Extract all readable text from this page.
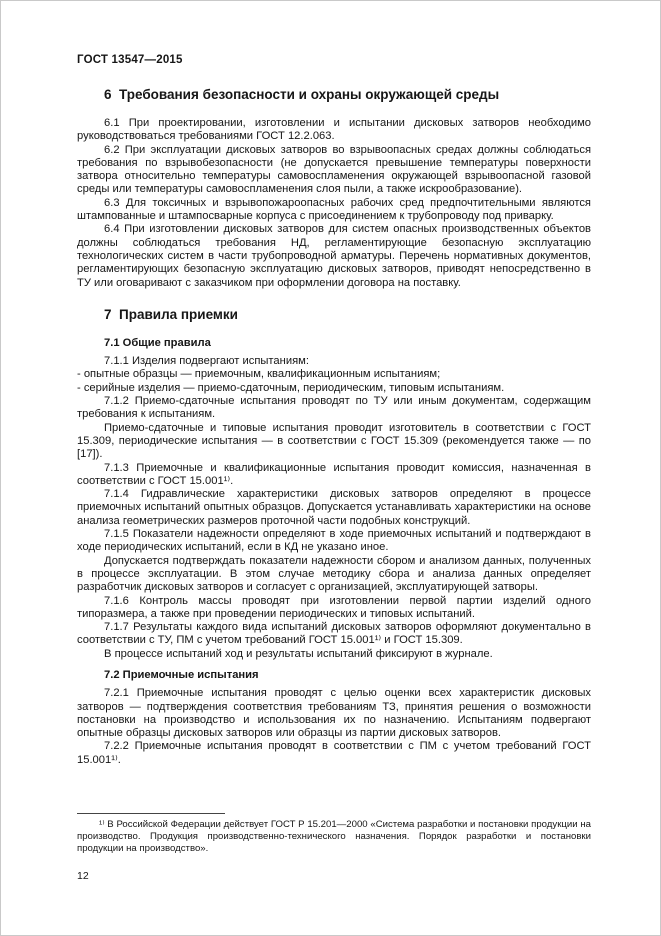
ГОСТ 13547—2015
6  Требования безопасности и охраны окружающей среды

6.1 При проектировании, изготовлении и испытании дисковых затворов необходимо руководствоваться требованиями ГОСТ 12.2.063.

6.2 При эксплуатации дисковых затворов во взрывоопасных средах должны соблюдаться требования по взрывобезопасности (не допускается превышение температуры поверхности затвора относительно температуры самовоспламенения окружающей взрывоопасной газовой среды или температуры самовоспламенения слоя пыли, а также искрообразование).

6.3 Для токсичных и взрывопожароопасных рабочих сред предпочтительными являются штампованные и штампосварные корпуса с присоединением к трубопроводу под приварку.

6.4 При изготовлении дисковых затворов для систем опасных производственных объектов должны соблюдаться требования НД, регламентирующие безопасную эксплуатацию технологических систем в части трубопроводной арматуры. Перечень нормативных документов, регламентирующих безопасную эксплуатацию дисковых затворов, приводят непосредственно в ТУ или оговаривают с заказчиком при оформлении договора на поставку.

7  Правила приемки
7.1 Общие правила

7.1.1 Изделия подвергают испытаниям:

- опытные образцы — приемочным, квалификационным испытаниям;

- серийные изделия — приемо-сдаточным, периодическим, типовым испытаниям.

7.1.2 Приемо-сдаточные испытания проводят по ТУ или иным документам, содержащим требования к испытаниям.

Приемо-сдаточные и типовые испытания проводит изготовитель в соответствии с ГОСТ 15.309, периодические испытания — в соответствии с ГОСТ 15.309 (рекомендуется также — по [17]).

7.1.3 Приемочные и квалификационные испытания проводит комиссия, назначенная в соответствии с ГОСТ 15.001¹⁾.

7.1.4 Гидравлические характеристики дисковых затворов определяют в процессе приемочных испытаний опытных образцов. Допускается устанавливать характеристики на основе анализа геометрических размеров проточной части подобных конструкций.

7.1.5 Показатели надежности определяют в ходе приемочных испытаний и подтверждают в ходе периодических испытаний, если в КД не указано иное.

Допускается подтверждать показатели надежности сбором и анализом данных, полученных в процессе эксплуатации. В этом случае методику сбора и анализа данных определяет разработчик дисковых затворов и согласует с организацией, эксплуатирующей затворы.

7.1.6 Контроль массы проводят при изготовлении первой партии изделий одного типоразмера, а также при проведении периодических и типовых испытаний.

7.1.7 Результаты каждого вида испытаний дисковых затворов оформляют документально в соответствии с ТУ, ПМ с учетом требований ГОСТ 15.001¹⁾ и ГОСТ 15.309.

В процессе испытаний ход и результаты испытаний фиксируют в журнале.

7.2 Приемочные испытания

7.2.1 Приемочные испытания проводят с целью оценки всех характеристик дисковых затворов — подтверждения соответствия требованиям ТЗ, принятия решения о возможности постановки на производство и использования их по назначению. Испытаниям подвергают опытные образцы дисковых затворов или образцы из партии дисковых затворов.

7.2.2 Приемочные испытания проводят в соответствии с ПМ с учетом требований ГОСТ 15.001¹⁾.

¹⁾ В Российской Федерации действует ГОСТ Р 15.201—2000 «Система разработки и постановки продукции на производство. Продукция производственно-технического назначения. Порядок разработки и постановки продукции на производство».

12
